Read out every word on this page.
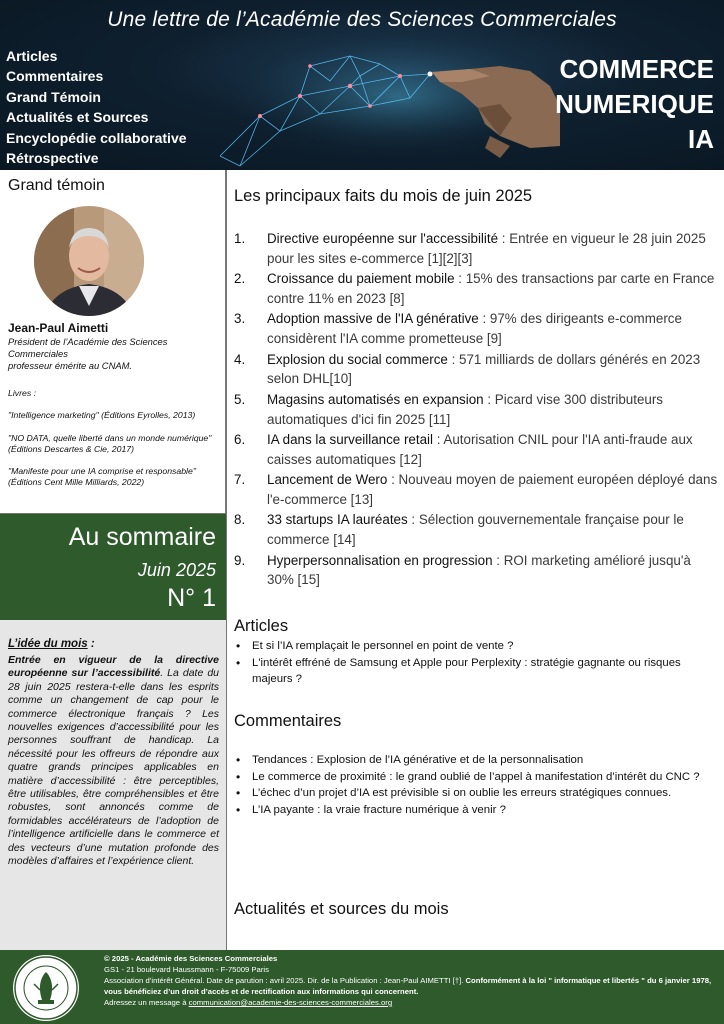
Une lettre de l’Académie des Sciences Commerciales
Articles
Commentaires
Grand Témoin
Actualités et Sources
Encyclopédie collaborative
Rétrospective
COMMERCE
NUMERIQUE
IA
Grand témoin
Jean-Paul Aimetti
Président de l’Académie des Sciences
Commerciales
professeur émérite au CNAM.

Livres :

"Intelligence marketing" (Éditions Eyrolles, 2013)

"NO DATA, quelle liberté dans un monde numérique" (Éditions Descartes & Cie, 2017)

"Manifeste pour une IA comprise et responsable" (Éditions Cent Mille Milliards, 2022)

Au sommaire
Juin 2025
N° 1
L’idée du mois :
Entrée en vigueur de la directive européenne sur l’accessibilité. La date du 28 juin 2025 restera-t-elle dans les esprits comme un changement de cap pour le commerce électronique français ? Les nouvelles exigences d’accessibilité pour les personnes souffrant de handicap. La nécessité pour les offreurs de répondre aux quatre grands principes applicables en matière d’accessibilité : être perceptibles, être utilisables, être compréhensibles et être robustes, sont annoncés comme de formidables accélérateurs de l’adoption de l’intelligence artificielle dans le commerce et des vecteurs d’une mutation profonde des modèles d’affaires et l’expérience client.
Les principaux faits du mois de juin 2025
1. Directive européenne sur l'accessibilité : Entrée en vigueur le 28 juin 2025 pour les sites e-commerce [1][2][3]
2. Croissance du paiement mobile : 15% des transactions par carte en France contre 11% en 2023 [8]
3. Adoption massive de l'IA générative : 97% des dirigeants e-commerce considèrent l'IA comme prometteuse [9]
4. Explosion du social commerce : 571 milliards de dollars générés en 2023 selon DHL[10]
5. Magasins automatisés en expansion : Picard vise 300 distributeurs automatiques d'ici fin 2025 [11]
6. IA dans la surveillance retail : Autorisation CNIL pour l'IA anti-fraude aux caisses automatiques [12]
7. Lancement de Wero : Nouveau moyen de paiement européen déployé dans l'e-commerce [13]
8. 33 startups IA lauréates : Sélection gouvernementale française pour le commerce [14]
9. Hyperpersonnalisation en progression : ROI marketing amélioré jusqu'à 30% [15]
Articles
• Et si l’IA remplaçait le personnel en point de vente ?
• L'intérêt effréné de Samsung et Apple pour Perplexity : stratégie gagnante ou risques majeurs ?
Commentaires
• Tendances : Explosion de l’IA générative et de la personnalisation
• Le commerce de proximité : le grand oublié de l’appel à manifestation d’intérêt du CNC ?
• L’échec d’un projet d’IA est prévisible si on oublie les erreurs stratégiques connues.
• L’IA payante : la vraie fracture numérique à venir ?
Actualités et sources du mois
© 2025 - Académie des Sciences Commerciales
GS1 - 21 boulevard Haussmann - F-75009 Paris
Association d’intérêt Général. Date de parution : avril 2025. Dir. de la Publication : Jean-Paul AIMETTI [†]. Conformément à la loi " informatique et libertés " du 6 janvier 1978, vous bénéficiez d’un droit d’accès et de rectification aux informations qui concernent.
Adressez un message à communication@academie-des-sciences-commerciales.org
